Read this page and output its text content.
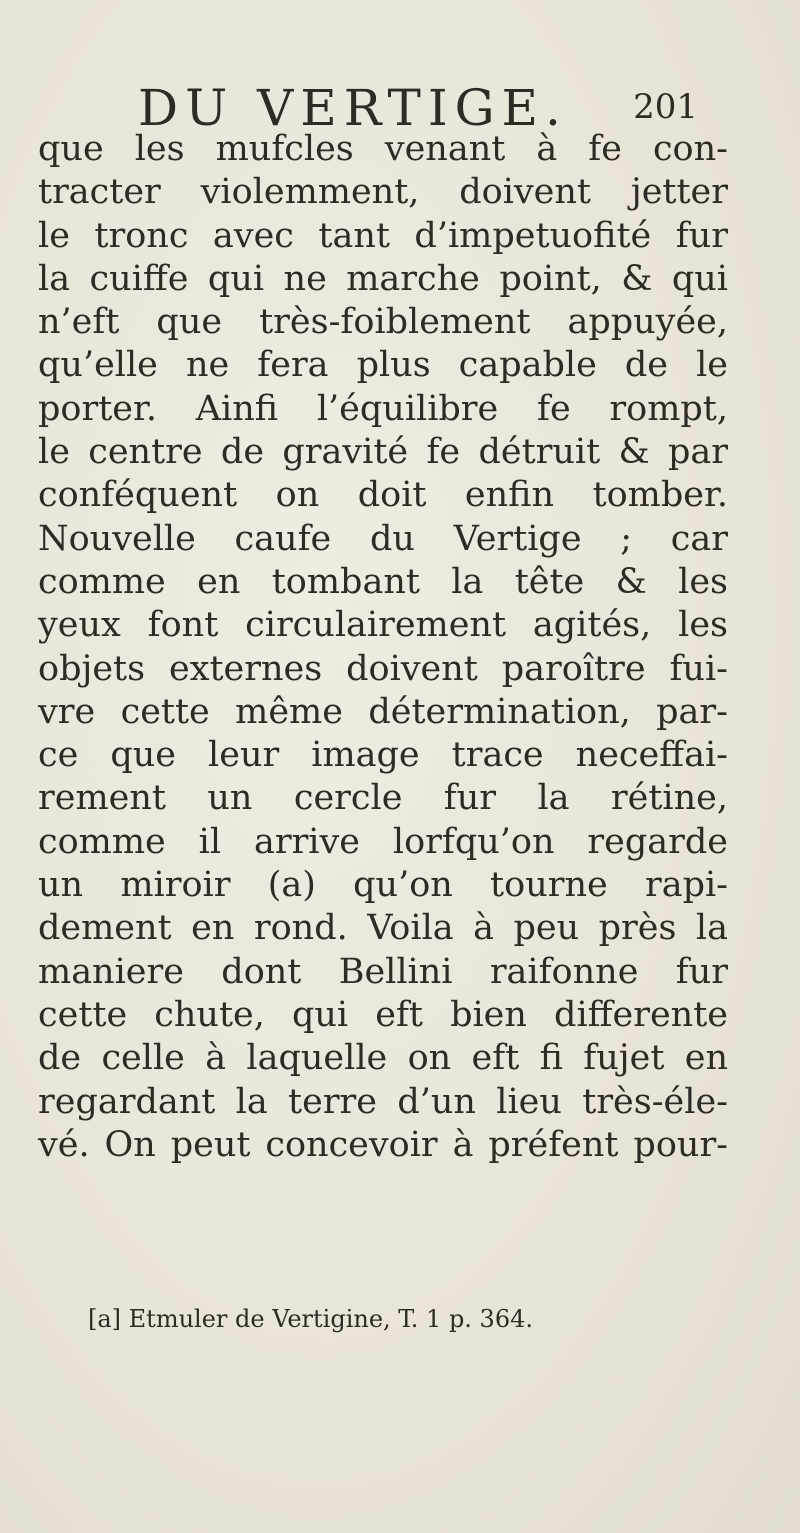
DU VERTIGE. 201
que les mufcles venant à fe con-
tracter violemment, doivent jetter
le tronc avec tant d’impetuofité fur
la cuiffe qui ne marche point, & qui
n’eft que très-foiblement appuyée,
qu’elle ne fera plus capable de le
porter. Ainfi l’équilibre fe rompt,
le centre de gravité fe détruit & par
conféquent on doit enfin tomber.
Nouvelle caufe du Vertige ; car
comme en tombant la tête & les
yeux font circulairement agités, les
objets externes doivent paroître fui-
vre cette même détermination, par-
ce que leur image trace neceffai-
rement un cercle fur la rétine,
comme il arrive lorfqu’on regarde
un miroir (a) qu’on tourne rapi-
dement en rond. Voila à peu près la
maniere dont Bellini raifonne fur
cette chute, qui eft bien differente
de celle à laquelle on eft fi fujet en
regardant la terre d’un lieu très-éle-
vé. On peut concevoir à préfent pour-
[a] Etmuler de Vertigine, T. 1 p. 364.
